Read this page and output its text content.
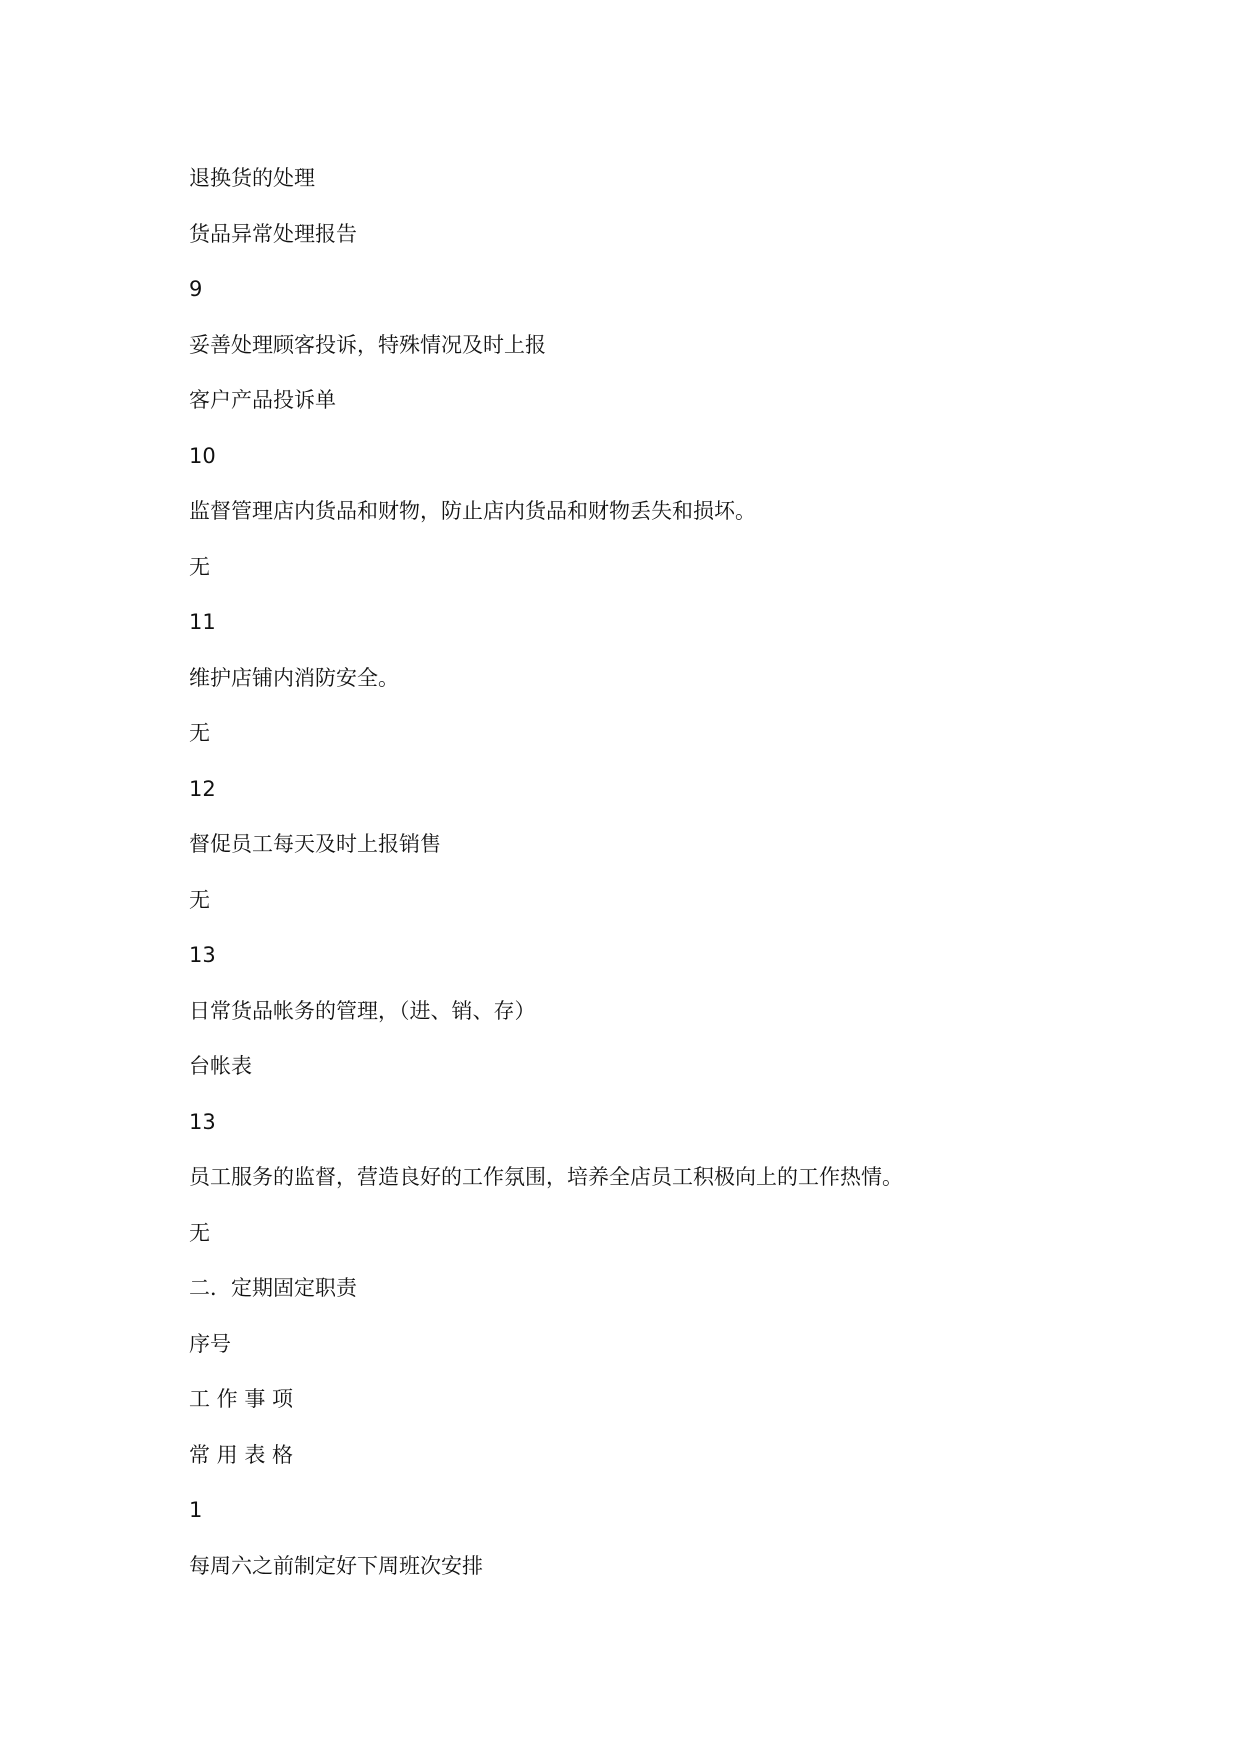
退换货的处理
货品异常处理报告
9
妥善处理顾客投诉，特殊情况及时上报
客户产品投诉单
10
监督管理店内货品和财物，防止店内货品和财物丢失和损坏。
无
11
维护店铺内消防安全。
无
12
督促员工每天及时上报销售
无
13
日常货品帐务的管理，（进、销、存）
台帐表
13
员工服务的监督，营造良好的工作氛围，培养全店员工积极向上的工作热情。
无
二．定期固定职责
序号
工 作 事 项
常 用 表 格
1
每周六之前制定好下周班次安排
